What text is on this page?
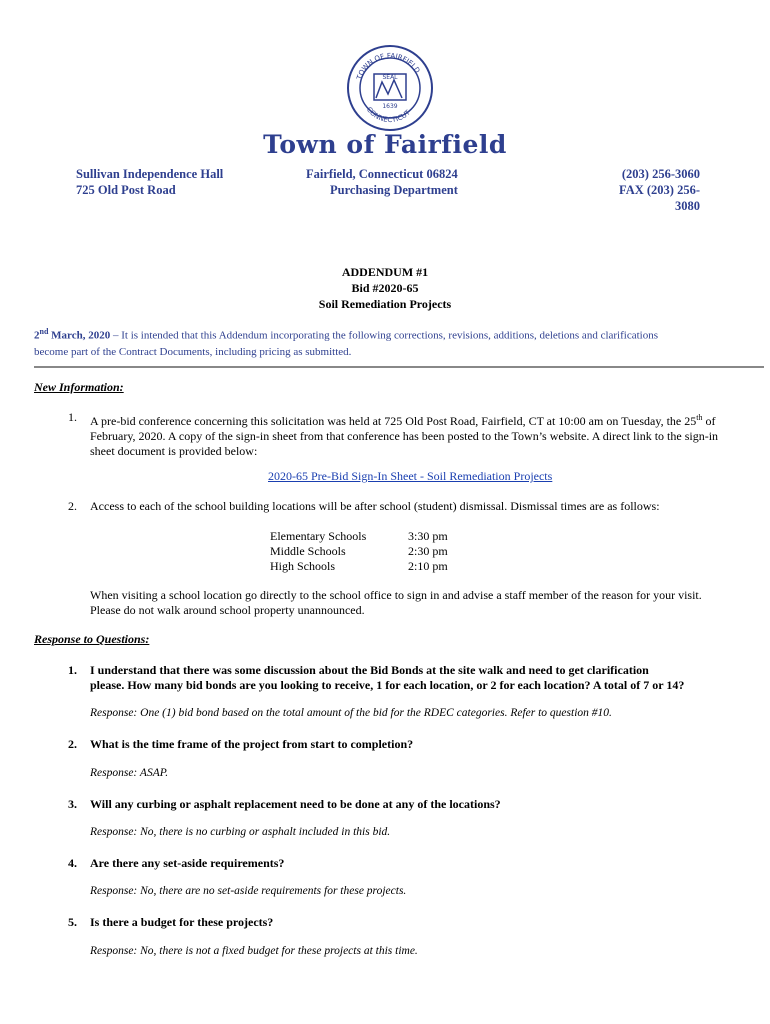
TOWN OF FAIRFIELD
CONNECTICUT
SEAL
1639
Town of Fairfield
Sullivan Independence Hall
725 Old Post Road
Fairfield, Connecticut 06824
Purchasing Department
(203) 256-3060
FAX (203) 256-3080
ADDENDUM #1
Bid #2020-65
Soil Remediation Projects
2nd March, 2020 – It is intended that this Addendum incorporating the following corrections, revisions, additions, deletions and clarifications
become part of the Contract Documents, including pricing as submitted.
New Information:
1. A pre-bid conference concerning this solicitation was held at 725 Old Post Road, Fairfield, CT at 10:00 am on Tuesday, the 25th of
February, 2020. A copy of the sign-in sheet from that conference has been posted to the Town’s website. A direct link to the sign-in
sheet document is provided below:
2020-65 Pre-Bid Sign-In Sheet - Soil Remediation Projects
2. Access to each of the school building locations will be after school (student) dismissal. Dismissal times are as follows:
Elementary Schools	3:30 pm
Middle Schools	2:30 pm
High Schools	2:10 pm
When visiting a school location go directly to the school office to sign in and advise a staff member of the reason for your visit.
Please do not walk around school property unannounced.
Response to Questions:
1. I understand that there was some discussion about the Bid Bonds at the site walk and need to get clarification
please. How many bid bonds are you looking to receive, 1 for each location, or 2 for each location? A total of 7 or 14?
Response: One (1) bid bond based on the total amount of the bid for the RDEC categories. Refer to question #10.
2. What is the time frame of the project from start to completion?
Response: ASAP.
3. Will any curbing or asphalt replacement need to be done at any of the locations?
Response: No, there is no curbing or asphalt included in this bid.
4. Are there any set-aside requirements?
Response: No, there are no set-aside requirements for these projects.
5. Is there a budget for these projects?
Response: No, there is not a fixed budget for these projects at this time.
